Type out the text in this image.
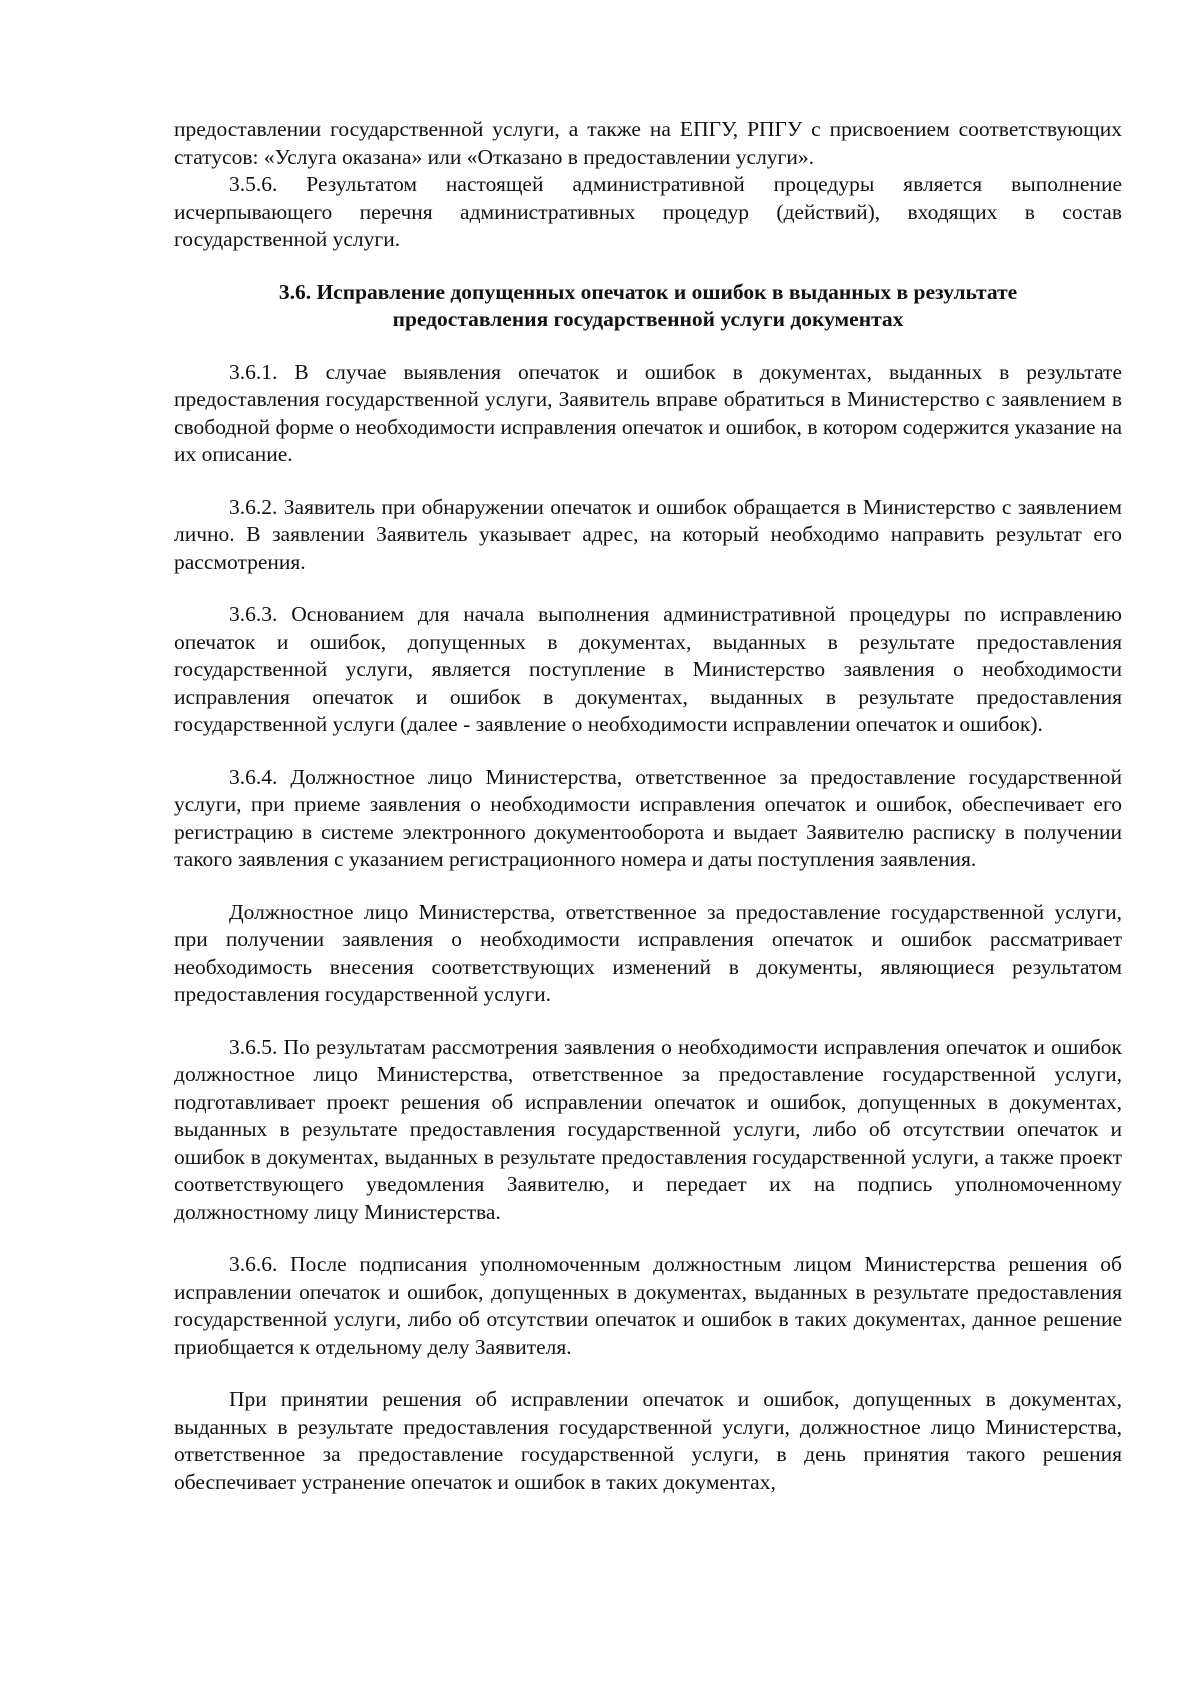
предоставлении государственной услуги, а также на ЕПГУ, РПГУ с присвоением соответствующих статусов: «Услуга оказана» или «Отказано в предоставлении услуги».

3.5.6. Результатом настоящей административной процедуры является выполнение исчерпывающего перечня административных процедур (действий), входящих в состав государственной услуги.

3.6. Исправление допущенных опечаток и ошибок в выданных в результате предоставления государственной услуги документах

3.6.1. В случае выявления опечаток и ошибок в документах, выданных в результате предоставления государственной услуги, Заявитель вправе обратиться в Министерство с заявлением в свободной форме о необходимости исправления опечаток и ошибок, в котором содержится указание на их описание.

3.6.2. Заявитель при обнаружении опечаток и ошибок обращается в Министерство с заявлением лично. В заявлении Заявитель указывает адрес, на который необходимо направить результат его рассмотрения.

3.6.3. Основанием для начала выполнения административной процедуры по исправлению опечаток и ошибок, допущенных в документах, выданных в результате предоставления государственной услуги, является поступление в Министерство заявления о необходимости исправления опечаток и ошибок в документах, выданных в результате предоставления государственной услуги (далее - заявление о необходимости исправлении опечаток и ошибок).

3.6.4. Должностное лицо Министерства, ответственное за предоставление государственной услуги, при приеме заявления о необходимости исправления опечаток и ошибок, обеспечивает его регистрацию в системе электронного документооборота и выдает Заявителю расписку в получении такого заявления с указанием регистрационного номера и даты поступления заявления.

Должностное лицо Министерства, ответственное за предоставление государственной услуги, при получении заявления о необходимости исправления опечаток и ошибок рассматривает необходимость внесения соответствующих изменений в документы, являющиеся результатом предоставления государственной услуги.

3.6.5. По результатам рассмотрения заявления о необходимости исправления опечаток и ошибок должностное лицо Министерства, ответственное за предоставление государственной услуги, подготавливает проект решения об исправлении опечаток и ошибок, допущенных в документах, выданных в результате предоставления государственной услуги, либо об отсутствии опечаток и ошибок в документах, выданных в результате предоставления государственной услуги, а также проект соответствующего уведомления Заявителю, и передает их на подпись уполномоченному должностному лицу Министерства.

3.6.6. После подписания уполномоченным должностным лицом Министерства решения об исправлении опечаток и ошибок, допущенных в документах, выданных в результате предоставления государственной услуги, либо об отсутствии опечаток и ошибок в таких документах, данное решение приобщается к отдельному делу Заявителя.

При принятии решения об исправлении опечаток и ошибок, допущенных в документах, выданных в результате предоставления государственной услуги, должностное лицо Министерства, ответственное за предоставление государственной услуги, в день принятия такого решения обеспечивает устранение опечаток и ошибок в таких документах,
